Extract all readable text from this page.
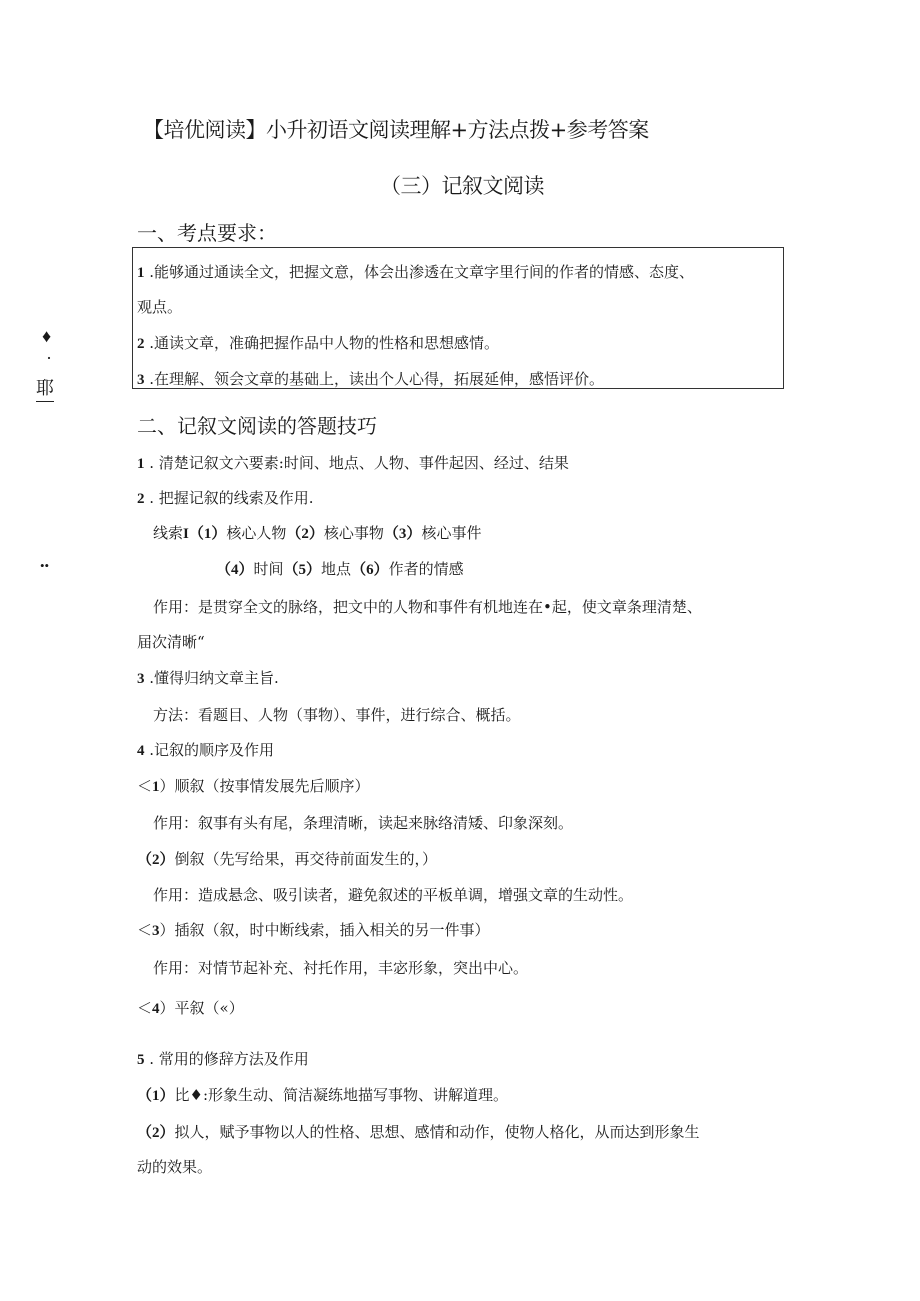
【培优阅读】小升初语文阅读理解+方法点拨+参考答案
（三）记叙文阅读
一、考点要求：
1 .能够通过通读全文，把握文意，体会出渗透在文章字里行间的作者的情感、态度、
观点。
2 .通读文章，准确把握作品中人物的性格和思想感情。
3 .在理解、领会文章的基础上，读出个人心得，拓展延伸，感悟评价。
♦
·
耶
••
二、记叙文阅读的答题技巧
1 . 清楚记叙文六要素:时间、地点、人物、事件起因、经过、结果
2 . 把握记叙的线索及作用.
线索I（1）核心人物（2）核心事物（3）核心事件
（4）时间（5）地点（6）作者的情感
作用：是贯穿全文的脉络，把文中的人物和事件有机地连在•起，使文章条理清楚、
届次清晰“
3 .懂得归纳文章主旨.
方法：看题目、人物（事物）、事件，进行综合、概括。
4 .记叙的顺序及作用
＜1）顺叙（按事情发展先后顺序）
作用：叙事有头有尾，条理清晰，读起来脉络清矮、印象深刻。
（2）倒叙（先写给果，再交待前面发生的，）
作用：造成悬念、吸引读者，避免叙述的平板单调，增强文章的生动性。
＜3）插叙（叙，时中断线索，插入相关的另一件事）
作用：对情节起补充、衬托作用，丰宓形象，突出中心。
＜4）平叙（«）
5 . 常用的修辞方法及作用
（1）比♦:形象生动、简洁凝练地描写事物、讲解道理。
（2）拟人，赋予事物以人的性格、思想、感情和动作，使物人格化，从而达到形象生
动的效果。
